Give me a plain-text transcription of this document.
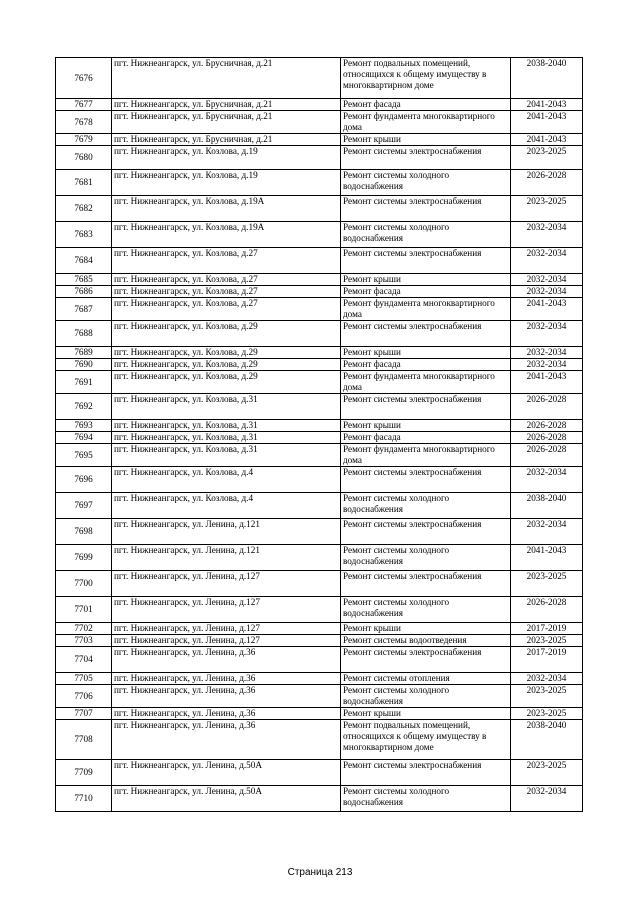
7676	пгт. Нижнеангарск, ул. Брусничная, д.21	Ремонт подвальных помещений, относящихся к общему имуществу в многоквартирном доме	2038-2040
7677	пгт. Нижнеангарск, ул. Брусничная, д.21	Ремонт фасада	2041-2043
7678	пгт. Нижнеангарск, ул. Брусничная, д.21	Ремонт фундамента многоквартирного дома	2041-2043
7679	пгт. Нижнеангарск, ул. Брусничная, д.21	Ремонт крыши	2041-2043
7680	пгт. Нижнеангарск, ул. Козлова, д.19	Ремонт системы электроснабжения	2023-2025
7681	пгт. Нижнеангарск, ул. Козлова, д.19	Ремонт системы холодного водоснабжения	2026-2028
7682	пгт. Нижнеангарск, ул. Козлова, д.19А	Ремонт системы электроснабжения	2023-2025
7683	пгт. Нижнеангарск, ул. Козлова, д.19А	Ремонт системы холодного водоснабжения	2032-2034
7684	пгт. Нижнеангарск, ул. Козлова, д.27	Ремонт системы электроснабжения	2032-2034
7685	пгт. Нижнеангарск, ул. Козлова, д.27	Ремонт крыши	2032-2034
7686	пгт. Нижнеангарск, ул. Козлова, д.27	Ремонт фасада	2032-2034
7687	пгт. Нижнеангарск, ул. Козлова, д.27	Ремонт фундамента многоквартирного дома	2041-2043
7688	пгт. Нижнеангарск, ул. Козлова, д.29	Ремонт системы электроснабжения	2032-2034
7689	пгт. Нижнеангарск, ул. Козлова, д.29	Ремонт крыши	2032-2034
7690	пгт. Нижнеангарск, ул. Козлова, д.29	Ремонт фасада	2032-2034
7691	пгт. Нижнеангарск, ул. Козлова, д.29	Ремонт фундамента многоквартирного дома	2041-2043
7692	пгт. Нижнеангарск, ул. Козлова, д.31	Ремонт системы электроснабжения	2026-2028
7693	пгт. Нижнеангарск, ул. Козлова, д.31	Ремонт крыши	2026-2028
7694	пгт. Нижнеангарск, ул. Козлова, д.31	Ремонт фасада	2026-2028
7695	пгт. Нижнеангарск, ул. Козлова, д.31	Ремонт фундамента многоквартирного дома	2026-2028
7696	пгт. Нижнеангарск, ул. Козлова, д.4	Ремонт системы электроснабжения	2032-2034
7697	пгт. Нижнеангарск, ул. Козлова, д.4	Ремонт системы холодного водоснабжения	2038-2040
7698	пгт. Нижнеангарск, ул. Ленина, д.121	Ремонт системы электроснабжения	2032-2034
7699	пгт. Нижнеангарск, ул. Ленина, д.121	Ремонт системы холодного водоснабжения	2041-2043
7700	пгт. Нижнеангарск, ул. Ленина, д.127	Ремонт системы электроснабжения	2023-2025
7701	пгт. Нижнеангарск, ул. Ленина, д.127	Ремонт системы холодного водоснабжения	2026-2028
7702	пгт. Нижнеангарск, ул. Ленина, д.127	Ремонт крыши	2017-2019
7703	пгт. Нижнеангарск, ул. Ленина, д.127	Ремонт системы водоотведения	2023-2025
7704	пгт. Нижнеангарск, ул. Ленина, д.36	Ремонт системы электроснабжения	2017-2019
7705	пгт. Нижнеангарск, ул. Ленина, д.36	Ремонт системы отопления	2032-2034
7706	пгт. Нижнеангарск, ул. Ленина, д.36	Ремонт системы холодного водоснабжения	2023-2025
7707	пгт. Нижнеангарск, ул. Ленина, д.36	Ремонт крыши	2023-2025
7708	пгт. Нижнеангарск, ул. Ленина, д.36	Ремонт подвальных помещений, относящихся к общему имуществу в многоквартирном доме	2038-2040
7709	пгт. Нижнеангарск, ул. Ленина, д.50А	Ремонт системы электроснабжения	2023-2025
7710	пгт. Нижнеангарск, ул. Ленина, д.50А	Ремонт системы холодного водоснабжения	2032-2034
Страница 213
